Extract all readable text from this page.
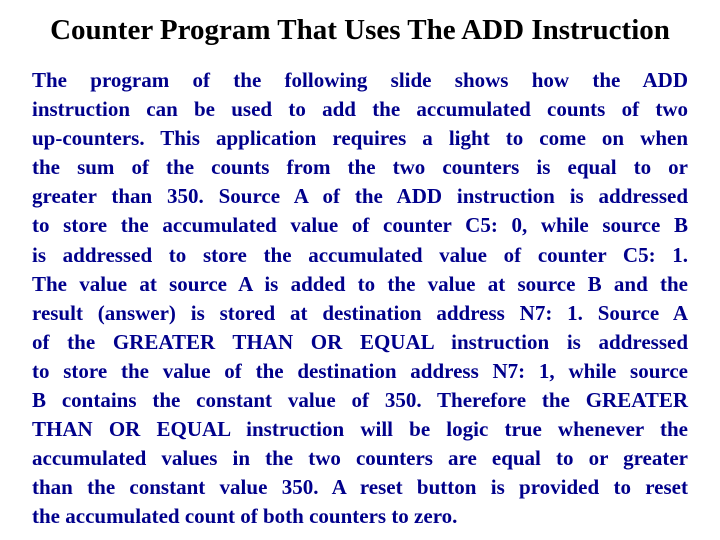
Counter Program That Uses The ADD Instruction
The program of the following slide shows how the ADD
instruction can be used to add the accumulated counts of two
up-counters. This application requires a light to come on when
the sum of the counts from the two counters is equal to or
greater than 350. Source A of the ADD instruction is addressed
to store the accumulated value of counter C5: 0, while source B
is addressed to store the accumulated value of counter C5: 1.
The value at source A is added to the value at source B and the
result (answer) is stored at destination address N7: 1. Source A
of the GREATER THAN OR EQUAL instruction is addressed
to store the value of the destination address N7: 1, while source
B contains the constant value of 350. Therefore the GREATER
THAN OR EQUAL instruction will be logic true whenever the
accumulated values in the two counters are equal to or greater
than the constant value 350. A reset button is provided to reset
the accumulated count of both counters to zero.
